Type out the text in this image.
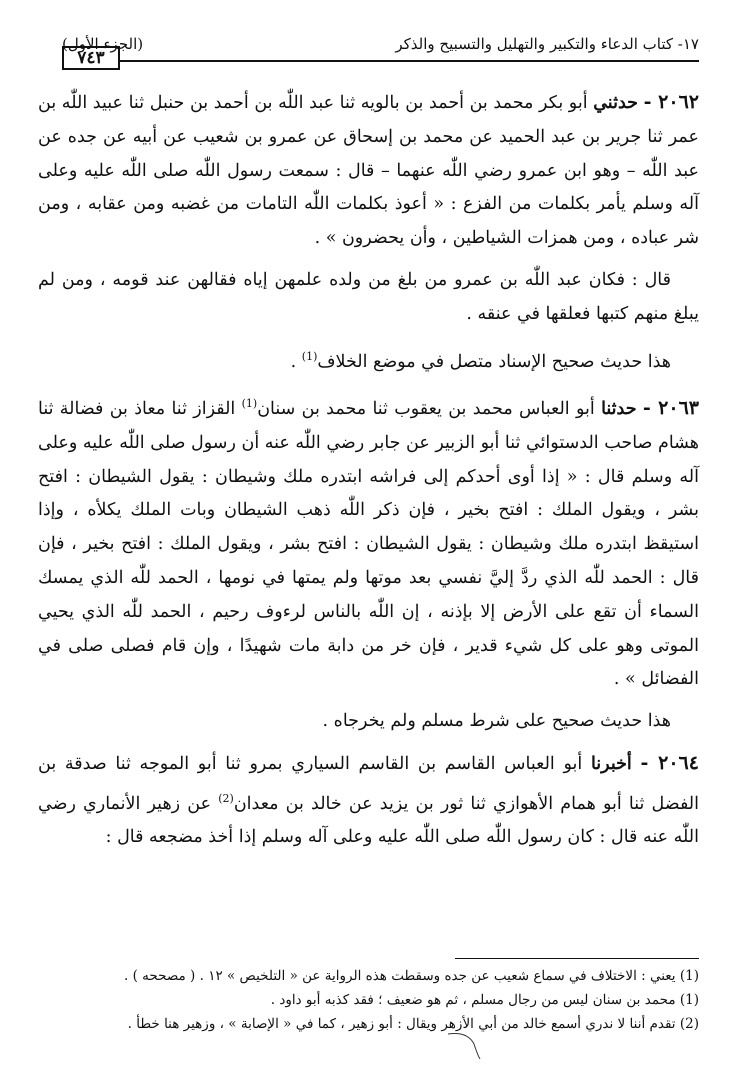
١٧- كتاب الدعاء والتكبير والتهليل والتسبيح والذكر
(الجزء الأول)
٧٤٣

٢٠٦٢ - حدثني أبو بكر محمد بن أحمد بن بالويه ثنا عبد اللّٰه بن أحمد بن حنبل ثنا عبيد اللّٰه بن عمر ثنا جرير بن عبد الحميد عن محمد بن إسحاق عن عمرو بن شعيب عن أبيه عن جده عن عبد اللّٰه – وهو ابن عمرو رضي اللّٰه عنهما – قال : سمعت رسول اللّٰه صلى اللّٰه عليه وعلى آله وسلم يأمر بكلمات من الفزع : « أعوذ بكلمات اللّٰه التامات من غضبه ومن عقابه ، ومن شر عباده ، ومن همزات الشياطين ، وأن يحضرون » .

قال : فكان عبد اللّٰه بن عمرو من بلغ من ولده علمهن إياه فقالهن عند قومه ، ومن لم يبلغ منهم كتبها فعلقها في عنقه .

هذا حديث صحيح الإسناد متصل في موضع الخلاف$^{(1)}$ .

٢٠٦٣ - حدثنا أبو العباس محمد بن يعقوب ثنا محمد بن سنان$^{(1)}$ القزاز ثنا معاذ بن فضالة ثنا هشام صاحب الدستوائي ثنا أبو الزبير عن جابر رضي اللّٰه عنه أن رسول صلى اللّٰه عليه وعلى آله وسلم قال : « إذا أوى أحدكم إلى فراشه ابتدره ملك وشيطان : يقول الشيطان : افتح بشر ، ويقول الملك : افتح بخير ، فإن ذكر اللّٰه ذهب الشيطان وبات الملك يكلأه ، وإذا استيقظ ابتدره ملك وشيطان : يقول الشيطان : افتح بشر ، ويقول الملك : افتح بخير ، فإن قال : الحمد للّٰه الذي ردَّ إليَّ نفسي بعد موتها ولم يمتها في نومها ، الحمد للّٰه الذي يمسك السماء أن تقع على الأرض إلا بإذنه ، إن اللّٰه بالناس لرءوف رحيم ، الحمد للّٰه الذي يحيي الموتى وهو على كل شيء قدير ، فإن خر من دابة مات شهيدًا ، وإن قام فصلى صلى في الفضائل » .

هذا حديث صحيح على شرط مسلم ولم يخرجاه .

٢٠٦٤ - أخبرنا أبو العباس القاسم بن القاسم السياري بمرو ثنا أبو الموجه ثنا صدقة بن الفضل ثنا أبو همام الأهوازي ثنا ثور بن يزيد عن خالد بن معدان$^{(2)}$ عن زهير الأنماري رضي اللّٰه عنه قال : كان رسول اللّٰه صلى اللّٰه عليه وعلى آله وسلم إذا أخذ مضجعه قال :

(1) يعني : الاختلاف في سماع شعيب عن جده وسقطت هذه الرواية عن « التلخيص » ١٢ . ( مصححه ) .

(1) محمد بن سنان ليس من رجال مسلم ، ثم هو ضعيف ؛ فقد كذبه أبو داود .

(2) تقدم أننا لا ندري أسمع خالد من أبي الأزهر ويقال : أبو زهير ، كما في « الإصابة » ، وزهير هنا خطأ .
